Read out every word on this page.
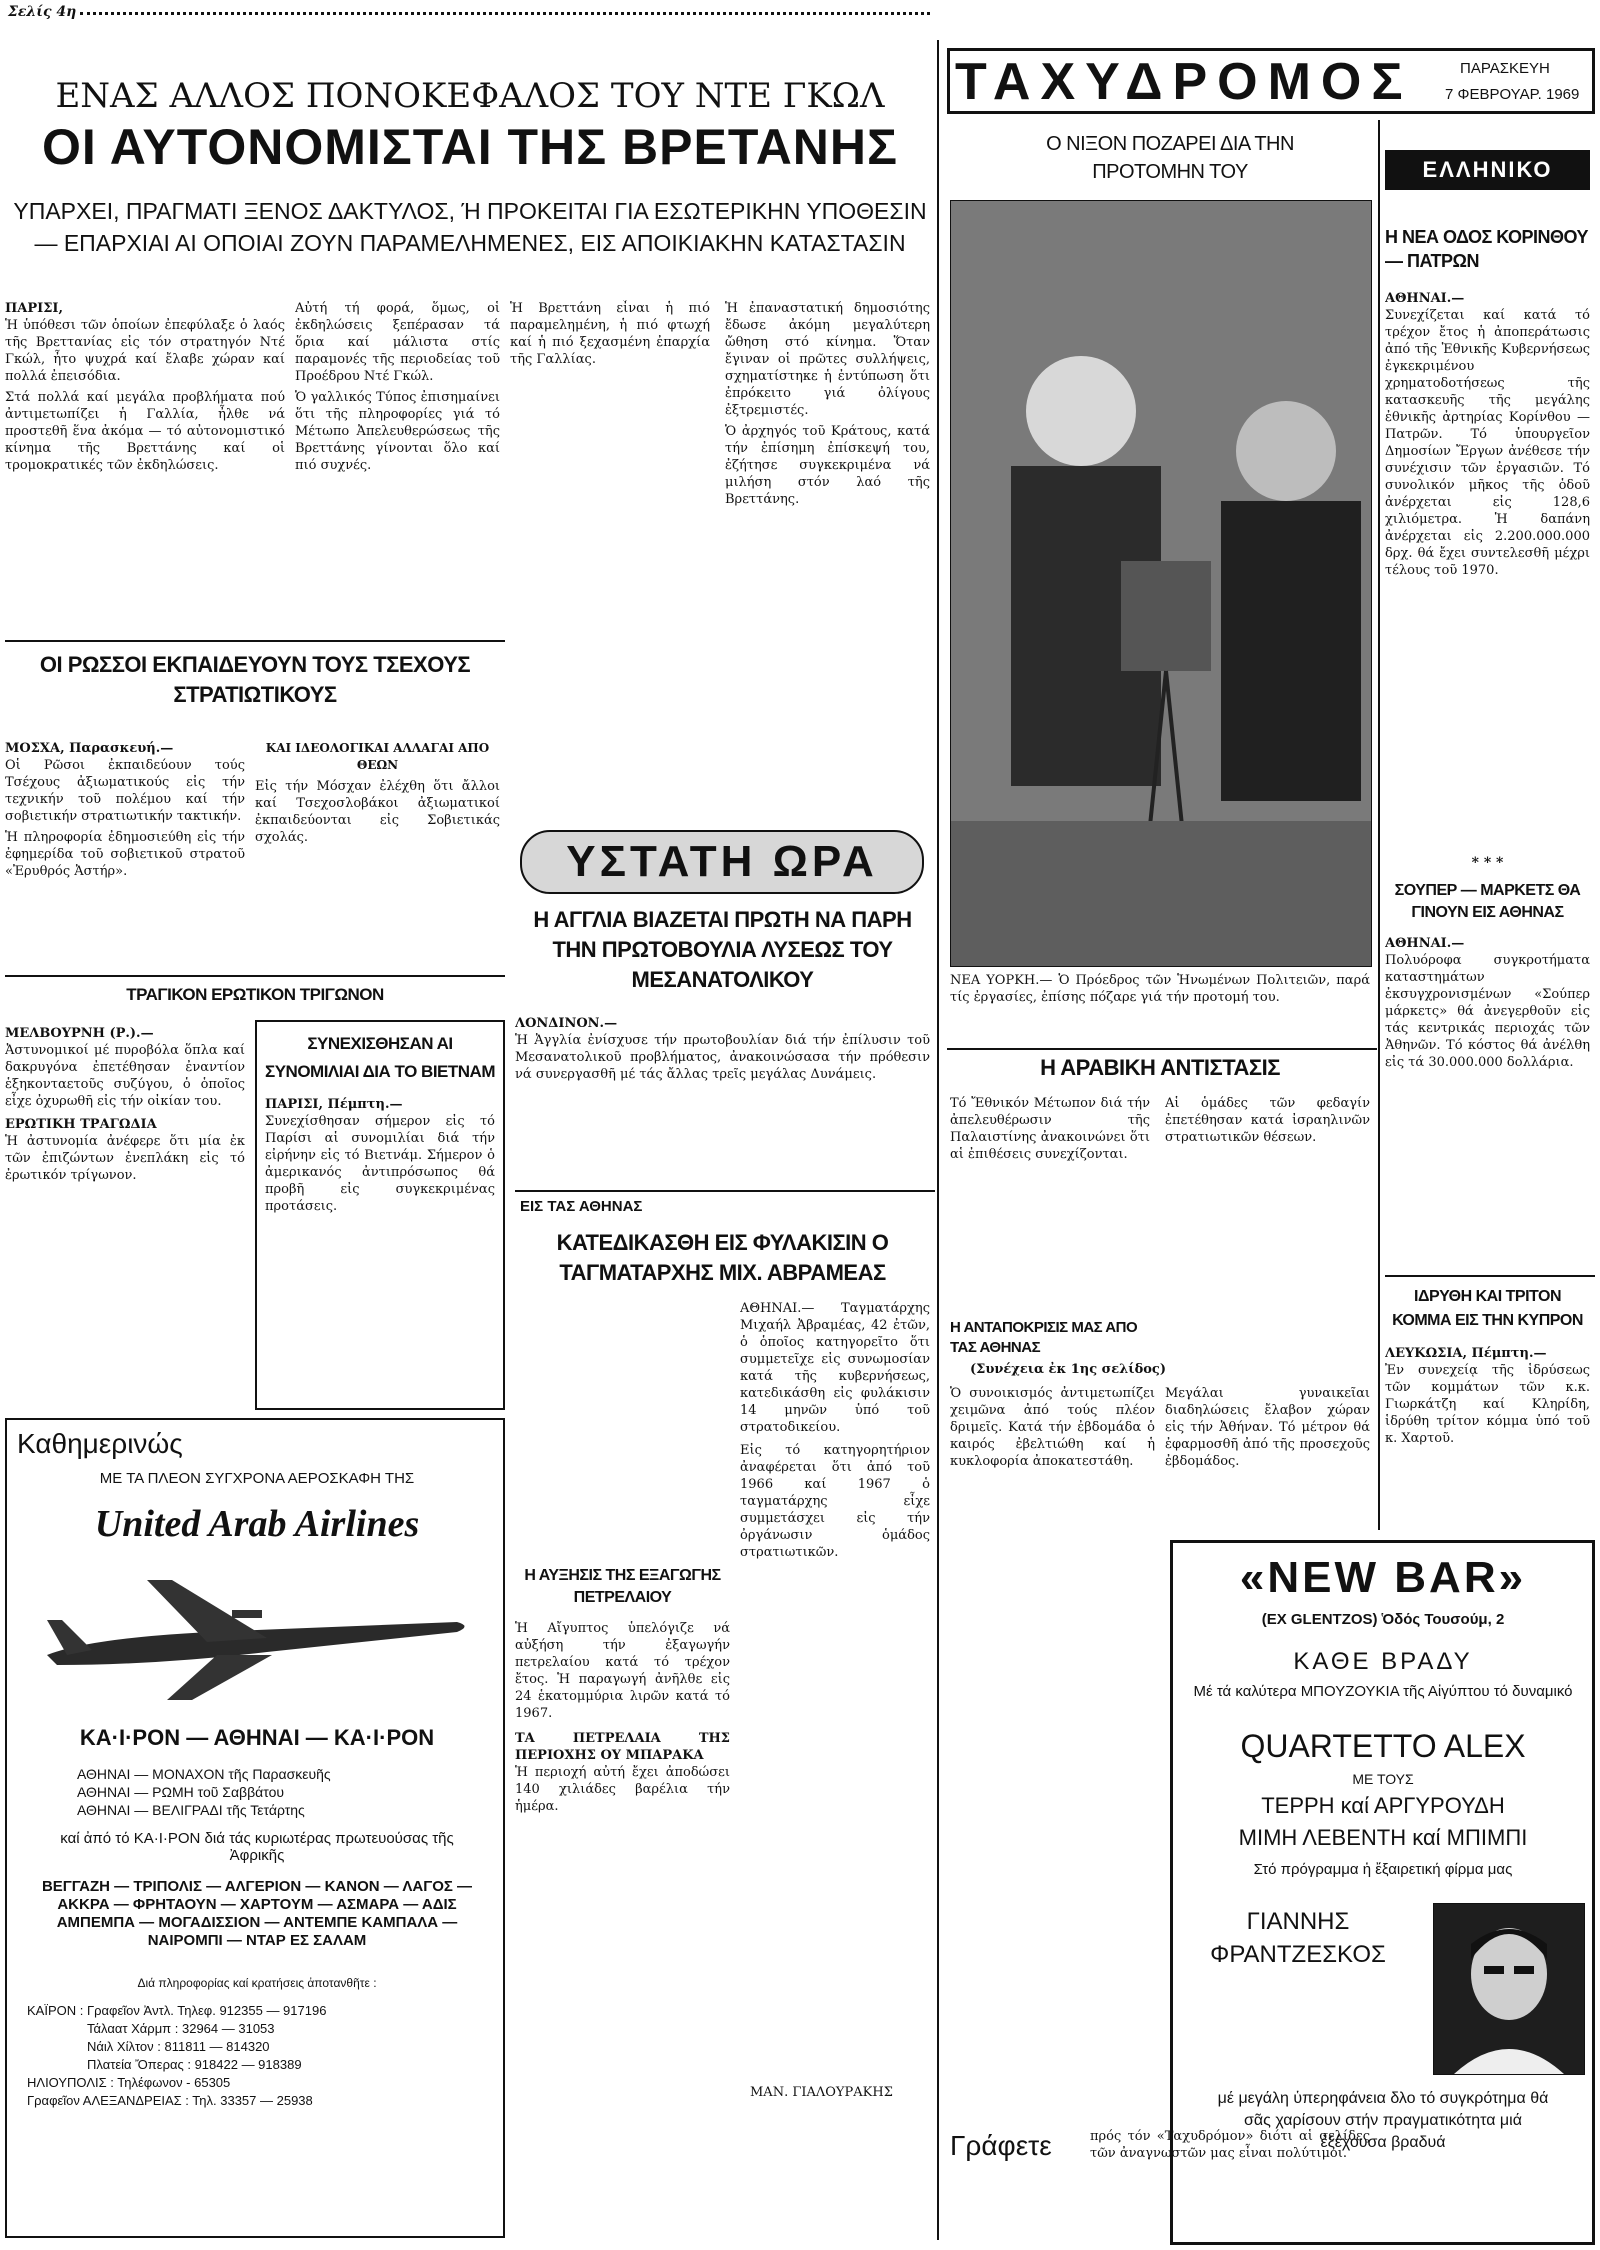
Σελίς 4η
ΕΝΑΣ ΑΛΛΟΣ ΠΟΝΟΚΕΦΑΛΟΣ ΤΟΥ ΝΤΕ ΓΚΩΛ
ΟΙ ΑΥΤΟΝΟΜΙΣΤΑΙ ΤΗΣ ΒΡΕΤΑΝΗΣ
ΥΠΑΡΧΕΙ, ΠΡΑΓΜΑΤΙ ΞΕΝΟΣ ΔΑΚΤΥΛΟΣ, Ή ΠΡΟΚΕΙΤΑΙ ΓΙΑ ΕΣΩΤΕΡΙΚΗΝ ΥΠΟΘΕΣΙΝ — ΕΠΑΡΧΙΑΙ ΑΙ ΟΠΟΙΑΙ ΖΟΥΝ ΠΑΡΑΜΕΛΗΜΕΝΕΣ, ΕΙΣ ΑΠΟΙΚΙΑΚΗΝ ΚΑΤΑΣΤΑΣΙΝ
ΠΑΡΙΣΙ,
Ἡ ὑπόθεσι τῶν ὁποίων ἐπεφύλαξε ὁ λαός τῆς Βρεττανίας εἰς τόν στρατηγόν Ντέ Γκώλ, ἦτο ψυχρά καί ἔλαβε χώραν καί πολλά ἐπεισόδια.
Στά πολλά καί μεγάλα προβλήματα πού ἀντιμετωπίζει ἡ Γαλλία, ἦλθε νά προστεθῆ ἕνα ἀκόμα — τό αὐτονομιστικό κίνημα τῆς Βρεττάνης καί οἱ τρομοκρατικές τῶν ἐκδηλώσεις.
Αὐτή τή φορά, ὅμως, οἱ ἐκδηλώσεις ξεπέρασαν τά ὅρια καί μάλιστα στίς παραμονές τῆς περιοδείας τοῦ Προέδρου Ντέ Γκώλ.
Ὁ γαλλικός Τύπος ἐπισημαίνει ὅτι τῆς πληροφορίες γιά τό Μέτωπο Ἀπελευθερώσεως τῆς Βρεττάνης γίνονται ὅλο καί πιό συχνές.
Ἡ Βρεττάνη εἶναι ἡ πιό παραμελημένη, ἡ πιό φτωχή καί ἡ πιό ξεχασμένη ἐπαρχία τῆς Γαλλίας.
Ἡ ἐπαναστατική δημοσιότης ἔδωσε ἀκόμη μεγαλύτερη ὤθηση στό κίνημα. Ὅταν ἔγιναν οἱ πρῶτες συλλήψεις, σχηματίστηκε ἡ ἐντύπωση ὅτι ἐπρόκειτο γιά ὀλίγους ἐξτρεμιστές.
Ὁ ἀρχηγός τοῦ Κράτους, κατά τήν ἐπίσημη ἐπίσκεψή του, ἐζήτησε συγκεκριμένα νά μιλήση στόν λαό τῆς Βρεττάνης.
ΟΙ ΡΩΣΣΟΙ ΕΚΠΑΙΔΕΥΟΥΝ ΤΟΥΣ ΤΣΕΧΟΥΣ ΣΤΡΑΤΙΩΤΙΚΟΥΣ
ΜΟΣΧΑ, Παρασκευή.—
Οἱ Ρῶσοι ἐκπαιδεύουν τούς Τσέχους ἀξιωματικούς εἰς τήν τεχνικήν τοῦ πολέμου καί τήν σοβιετικήν στρατιωτικήν τακτικήν.
Ἡ πληροφορία ἐδημοσιεύθη εἰς τήν ἐφημερίδα τοῦ σοβιετικοῦ στρατοῦ «Ἐρυθρός Ἀστήρ».
ΚΑΙ ΙΔΕΟΛΟΓΙΚΑΙ ΑΛΛΑΓΑΙ ΑΠΟ ΘΕΩΝ
Εἰς τήν Μόσχαν ἐλέχθη ὅτι ἄλλοι καί Τσεχοσλοβάκοι ἀξιωματικοί ἐκπαιδεύονται εἰς Σοβιετικάς σχολάς.
ΤΡΑΓΙΚΟΝ ΕΡΩΤΙΚΟΝ ΤΡΙΓΩΝΟΝ
ΜΕΛΒΟΥΡΝΗ (Ρ.).—
Ἀστυνομικοί μέ πυροβόλα ὅπλα καί δακρυγόνα ἐπετέθησαν ἐναντίον ἑξηκονταετοῦς συζύγου, ὁ ὁποῖος εἶχε ὀχυρωθῆ εἰς τήν οἰκίαν του.
ΕΡΩΤΙΚΗ ΤΡΑΓΩΔΙΑ
Ἡ ἀστυνομία ἀνέφερε ὅτι μία ἐκ τῶν ἐπιζώντων ἐνεπλάκη εἰς τό ἐρωτικόν τρίγωνον.
ΣΥΝΕΧΙΣΘΗΣΑΝ ΑΙ ΣΥΝΟΜΙΛΙΑΙ ΔΙΑ ΤΟ ΒΙΕΤΝΑΜ
ΠΑΡΙΣΙ, Πέμπτη.—
Συνεχίσθησαν σήμερον εἰς τό Παρίσι αἱ συνομιλίαι διά τήν εἰρήνην εἰς τό Βιετνάμ. Σήμερον ὁ ἀμερικανός ἀντιπρόσωπος θά προβῆ εἰς συγκεκριμένας προτάσεις.
Καθημερινώς
ΜΕ ΤΑ ΠΛΕΟΝ ΣΥΓΧΡΟΝΑ ΑΕΡΟΣΚΑΦΗ ΤΗΣ
United Arab Airlines
ΚΑ·Ι·ΡΟΝ — ΑΘΗΝΑΙ — ΚΑ·Ι·ΡΟΝ
ΑΘΗΝΑΙ — ΜΟΝΑΧΟΝ τῆς Παρασκευῆς
ΑΘΗΝΑΙ — ΡΩΜΗ τοῦ Σαββάτου
ΑΘΗΝΑΙ — ΒΕΛΙΓΡΑΔΙ τῆς Τετάρτης
καί ἀπό τό ΚΑ·Ι·ΡΟΝ διά τάς κυριωτέρας πρωτευούσας τῆς Ἀφρικῆς
ΒΕΓΓΑΖΗ — ΤΡΙΠΟΛΙΣ — ΑΛΓΕΡΙΟΝ — ΚΑΝΟΝ — ΛΑΓΟΣ — ΑΚΚΡΑ — ΦΡΗΤΑΟΥΝ — ΧΑΡΤΟΥΜ — ΑΣΜΑΡΑ — ΑΔΙΣ ΑΜΠΕΜΠΑ — ΜΟΓΑΔΙΣΣΙΟΝ — ΑΝΤΕΜΠΕ ΚΑΜΠΑΛΑ — ΝΑΙΡΟΜΠΙ — ΝΤΑΡ ΕΣ ΣΑΛΑΜ
Διά πληροφορίας καί κρατήσεις ἀποτανθῆτε :
ΚΑΪΡΟΝ : Γραφεῖον Ἀντλ. Τηλεφ. 912355 — 917196
Τάλαατ Χάρμπ : 32964 — 31053
Νάιλ Χίλτον : 811811 — 814320
Πλατεία Ὄπερας : 918422 — 918389
ΗΛΙΟΥΠΟΛΙΣ : Τηλέφωνον - 65305
Γραφεῖον ΑΛΕΞΑΝΔΡΕΙΑΣ : Τηλ. 33357 — 25938
ΥΣΤΑΤΗ ΩΡΑ
Η ΑΓΓΛΙΑ ΒΙΑΖΕΤΑΙ ΠΡΩΤΗ ΝΑ ΠΑΡΗ ΤΗΝ ΠΡΩΤΟΒΟΥΛΙΑ ΛΥΣΕΩΣ ΤΟΥ ΜΕΣΑΝΑΤΟΛΙΚΟΥ
ΛΟΝΔΙΝΟΝ.—
Ἡ Ἀγγλία ἐνίσχυσε τήν πρωτοβουλίαν διά τήν ἐπίλυσιν τοῦ Μεσανατολικοῦ προβλήματος, ἀνακοινώσασα τήν πρόθεσιν νά συνεργασθῆ μέ τάς ἄλλας τρεῖς μεγάλας Δυνάμεις.
ΕΙΣ ΤΑΣ ΑΘΗΝΑΣ
ΚΑΤΕΔΙΚΑΣΘΗ ΕΙΣ ΦΥΛΑΚΙΣΙΝ Ο ΤΑΓΜΑΤΑΡΧΗΣ ΜΙΧ. ΑΒΡΑΜΕΑΣ
ΑΘΗΝΑΙ.— Ταγματάρχης Μιχαήλ Ἀβραμέας, 42 ἐτῶν, ὁ ὁποῖος κατηγορεῖτο ὅτι συμμετεῖχε εἰς συνωμοσίαν κατά τῆς κυβερνήσεως, κατεδικάσθη εἰς φυλάκισιν 14 μηνῶν ὑπό τοῦ στρατοδικείου.
Εἰς τό κατηγορητήριον ἀναφέρεται ὅτι ἀπό τοῦ 1966 καί 1967 ὁ ταγματάρχης εἶχε συμμετάσχει εἰς τήν ὀργάνωσιν ὁμάδος στρατιωτικῶν.
Η ΑΥΞΗΣΙΣ ΤΗΣ ΕΞΑΓΩΓΗΣ ΠΕΤΡΕΛΑΙΟΥ
Ἡ Αἴγυπτος ὑπελόγιζε νά αὐξήση τήν ἐξαγωγήν πετρελαίου κατά τό τρέχον ἔτος. Ἡ παραγωγή ἀνῆλθε εἰς 24 ἑκατομμύρια λιρῶν κατά τό 1967.
ΤΑ ΠΕΤΡΕΛΑΙΑ ΤΗΣ ΠΕΡΙΟΧΗΣ ΟΥ ΜΠΑΡΑΚΑ
Ἡ περιοχή αὐτή ἔχει ἀποδώσει 140 χιλιάδες βαρέλια τήν ἡμέρα.
ΜΑΝ. ΓΙΑΛΟΥΡΑΚΗΣ
ΤΑΧΥΔΡΟΜΟΣ	ΠΑΡΑΣΚΕΥΗ
7 ΦΕΒΡΟΥΑΡ. 1969
Ο ΝΙΞΟΝ ΠΟΖΑΡΕΙ ΔΙΑ ΤΗΝ ΠΡΟΤΟΜΗΝ ΤΟΥ
ΝΕΑ ΥΟΡΚΗ.— Ὁ Πρόεδρος τῶν Ἡνωμένων Πολιτειῶν, παρά τίς ἐργασίες, ἐπίσης πόζαρε γιά τήν προτομή του.
Η ΑΡΑΒΙΚΗ ΑΝΤΙΣΤΑΣΙΣ
Τό Ἔθνικόν Μέτωπον διά τήν ἀπελευθέρωσιν τῆς Παλαιστίνης ἀνακοινώνει ὅτι αἱ ἐπιθέσεις συνεχίζονται.
Αἱ ὁμάδες τῶν φεδαγίν ἐπετέθησαν κατά ἰσραηλινῶν στρατιωτικῶν θέσεων.
Η ΑΝΤΑΠΟΚΡΙΣΙΣ ΜΑΣ ΑΠΟ ΤΑΣ ΑΘΗΝΑΣ
(Συνέχεια ἐκ 1ης σελίδος)
Ὁ συνοικισμός ἀντιμετωπίζει χειμῶνα ἀπό τούς πλέον δριμεῖς. Κατά τήν ἐβδομάδα ὁ καιρός ἐβελτιώθη καί ἡ κυκλοφορία ἀποκατεστάθη.
Μεγάλαι γυναικεῖαι διαδηλώσεις ἔλαβον χώραν εἰς τήν Ἀθήναν. Τό μέτρον θά ἐφαρμοσθῆ ἀπό τῆς προσεχοῦς ἐβδομάδος.
Γράφετε	πρός τόν «Ταχυδρόμον» διότι αἱ σελίδες τῶν ἀναγνωστῶν μας εἶναι πολύτιμοι.
ΕΛΛΗΝΙΚΟ
Η ΝΕΑ ΟΔΟΣ ΚΟΡΙΝΘΟΥ — ΠΑΤΡΩΝ
ΑΘΗΝΑΙ.—
Συνεχίζεται καί κατά τό τρέχον ἔτος ἡ ἀποπεράτωσις ἀπό τῆς Ἐθνικῆς Κυβερνήσεως ἐγκεκριμένου χρηματοδοτήσεως τῆς κατασκευῆς τῆς μεγάλης ἐθνικῆς ἀρτηρίας Κορίνθου — Πατρῶν. Τό ὑπουργεῖον Δημοσίων Ἔργων ἀνέθεσε τήν συνέχισιν τῶν ἐργασιῶν. Τό συνολικόν μῆκος τῆς ὁδοῦ ἀνέρχεται εἰς 128,6 χιλιόμετρα. Ἡ δαπάνη ἀνέρχεται εἰς 2.200.000.000 δρχ. θά ἔχει συντελεσθῆ μέχρι τέλους τοῦ 1970.
* * *
ΣΟΥΠΕΡ — ΜΑΡΚΕΤΣ ΘΑ ΓΙΝΟΥΝ ΕΙΣ ΑΘΗΝΑΣ
ΑΘΗΝΑΙ.—
Πολυόροφα συγκροτήματα καταστημάτων ἐκσυγχρονισμένων «Σούπερ μάρκετς» θά ἀνεγερθοῦν εἰς τάς κεντρικάς περιοχάς τῶν Ἀθηνῶν. Τό κόστος θά ἀνέλθη εἰς τά 30.000.000 δολλάρια.
ΙΔΡΥΘΗ ΚΑΙ ΤΡΙΤΟΝ ΚΟΜΜΑ ΕΙΣ ΤΗΝ ΚΥΠΡΟΝ
ΛΕΥΚΩΣΙΑ, Πέμπτη.—
Ἐν συνεχείᾳ τῆς ἱδρύσεως τῶν κομμάτων τῶν κ.κ. Γιωρκάτζη καί Κληρίδη, ἱδρύθη τρίτον κόμμα ὑπό τοῦ κ. Χαρτοῦ.
«NEW BAR»
(ΕΧ GLENTZOS) Ὁδός Τουσούμ, 2
ΚΑΘΕ ΒΡΑΔΥ
Μέ τά καλύτερα ΜΠΟΥΖΟΥΚΙΑ τῆς Αἰγύπτου τό δυναμικό
QUARTETTO ALEX
ΜΕ ΤΟΥΣ
ΤΕΡΡΗ καί ΑΡΓΥΡΟΥΔΗ
ΜΙΜΗ ΛΕΒΕΝΤΗ καί ΜΠΙΜΠΙ
Στό πρόγραμμα ἡ ἔξαιρετική φίρμα μας
ΓΙΑΝΝΗΣ
ΦΡΑΝΤΖΕΣΚΟΣ
μέ μεγάλη ὑπερηφάνεια δλο τό συγκρότημα θά σᾶς χαρίσουν στήν πραγματικότητα μιά ἐξέχουσα βραδυά
